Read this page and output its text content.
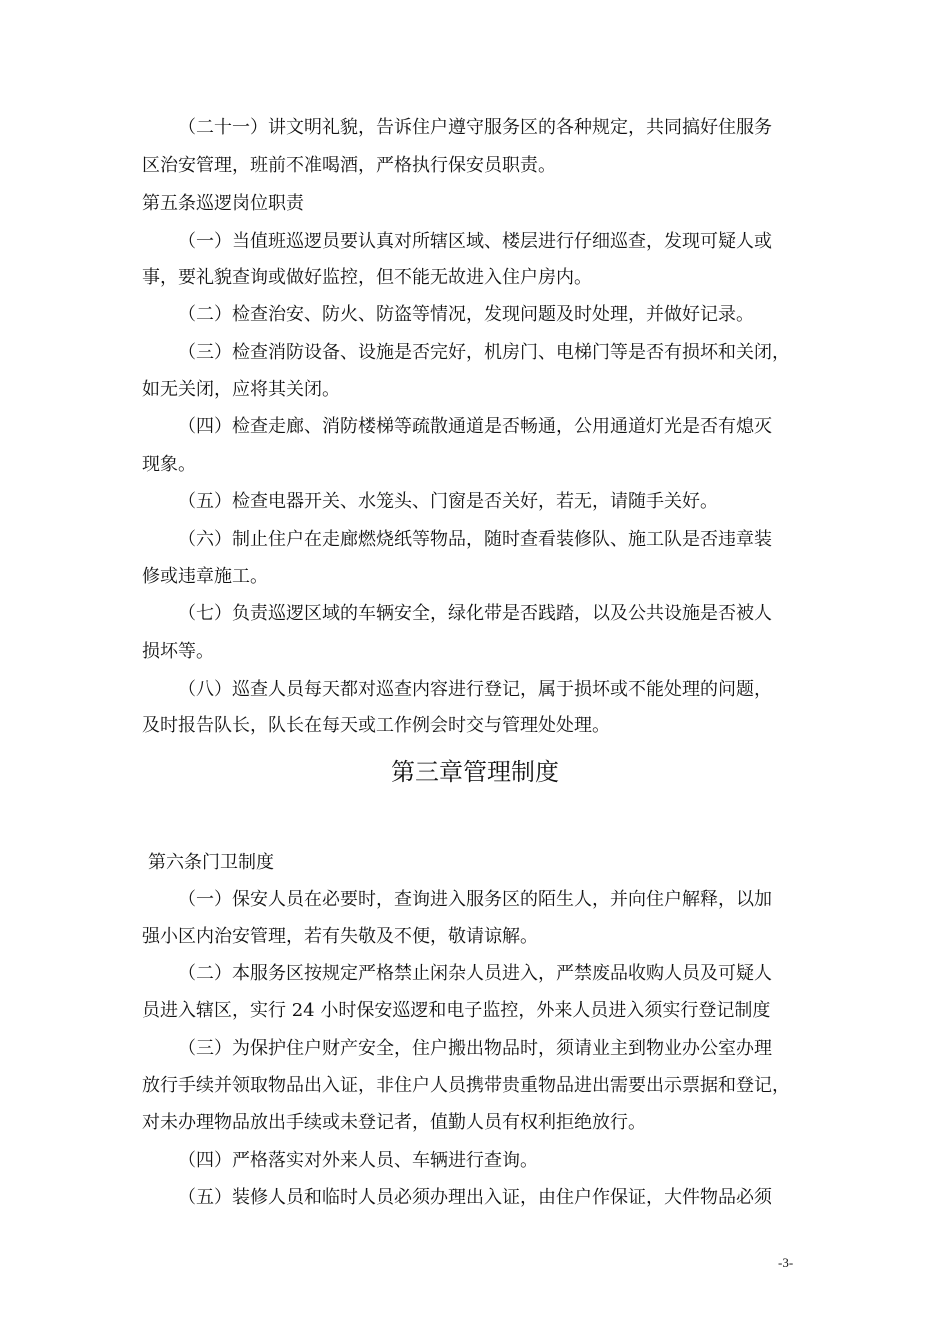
（二十一）讲文明礼貌，告诉住户遵守服务区的各种规定，共同搞好住服务
区治安管理，班前不准喝酒，严格执行保安员职责。
第五条巡逻岗位职责
（一）当值班巡逻员要认真对所辖区域、楼层进行仔细巡查，发现可疑人或
事，要礼貌查询或做好监控，但不能无故进入住户房内。
（二）检查治安、防火、防盗等情况，发现问题及时处理，并做好记录。
（三）检查消防设备、设施是否完好，机房门、电梯门等是否有损坏和关闭，
如无关闭，应将其关闭。
（四）检查走廊、消防楼梯等疏散通道是否畅通，公用通道灯光是否有熄灭
现象。
（五）检查电器开关、水笼头、门窗是否关好，若无，请随手关好。
（六）制止住户在走廊燃烧纸等物品，随时查看装修队、施工队是否违章装
修或违章施工。
（七）负责巡逻区域的车辆安全，绿化带是否践踏，以及公共设施是否被人
损坏等。
（八）巡查人员每天都对巡查内容进行登记，属于损坏或不能处理的问题，
及时报告队长，队长在每天或工作例会时交与管理处处理。
第三章管理制度
第六条门卫制度
（一）保安人员在必要时，查询进入服务区的陌生人，并向住户解释，以加
强小区内治安管理，若有失敬及不便，敬请谅解。
（二）本服务区按规定严格禁止闲杂人员进入，严禁废品收购人员及可疑人
员进入辖区，实行 24 小时保安巡逻和电子监控，外来人员进入须实行登记制度
（三）为保护住户财产安全，住户搬出物品时，须请业主到物业办公室办理
放行手续并领取物品出入证，非住户人员携带贵重物品进出需要出示票据和登记，
对未办理物品放出手续或未登记者，值勤人员有权利拒绝放行。
（四）严格落实对外来人员、车辆进行查询。
（五）装修人员和临时人员必须办理出入证，由住户作保证，大件物品必须
-3-
